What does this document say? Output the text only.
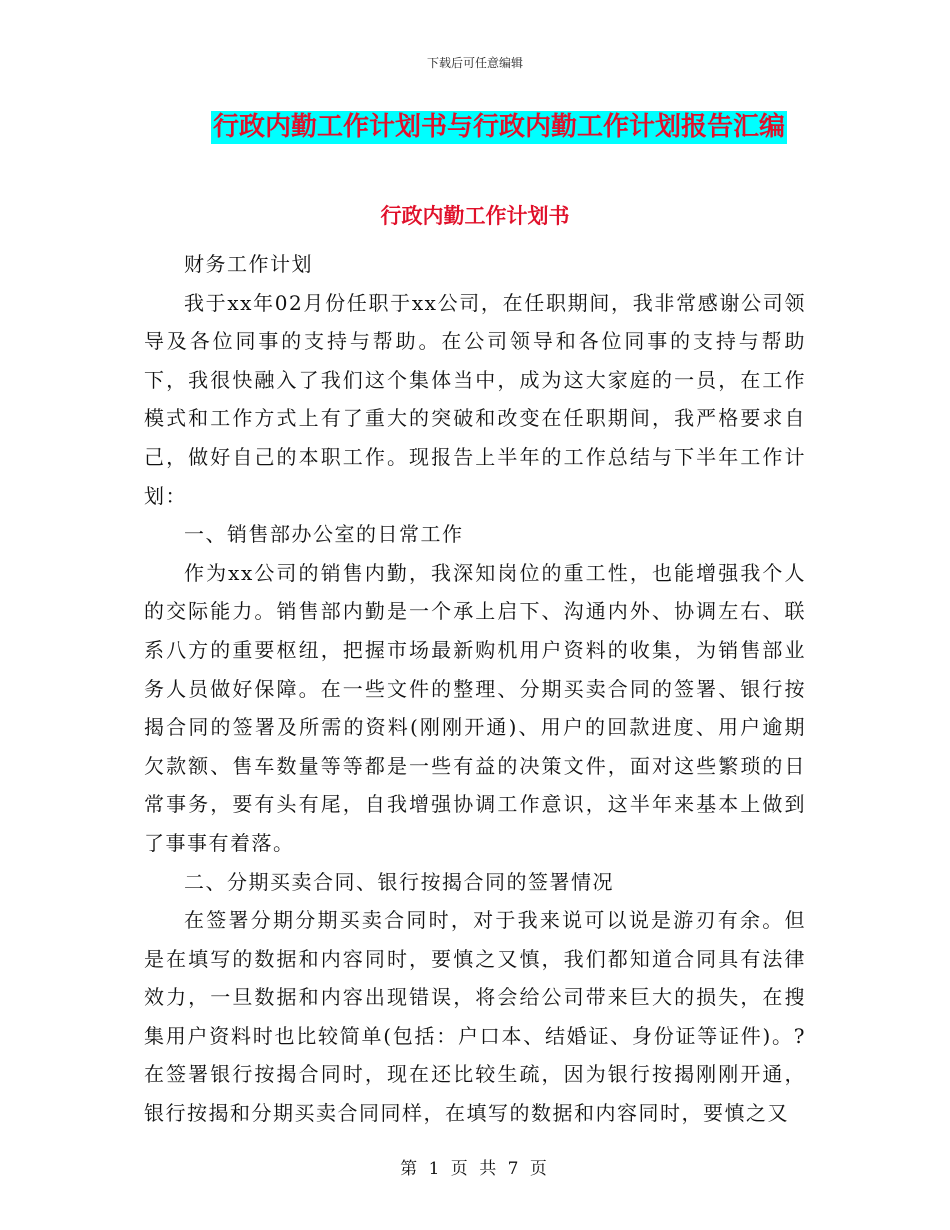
下载后可任意编辑
行政内勤工作计划书与行政内勤工作计划报告汇编
行政内勤工作计划书

财务工作计划

我于xx年02月份任职于xx公司，在任职期间，我非常感谢公司领导及各位同事的支持与帮助。在公司领导和各位同事的支持与帮助下，我很快融入了我们这个集体当中，成为这大家庭的一员，在工作模式和工作方式上有了重大的突破和改变在任职期间，我严格要求自己，做好自己的本职工作。现报告上半年的工作总结与下半年工作计划：

一、销售部办公室的日常工作

作为xx公司的销售内勤，我深知岗位的重工性，也能增强我个人的交际能力。销售部内勤是一个承上启下、沟通内外、协调左右、联系八方的重要枢纽，把握市场最新购机用户资料的收集，为销售部业务人员做好保障。在一些文件的整理、分期买卖合同的签署、银行按揭合同的签署及所需的资料(刚刚开通)、用户的回款进度、用户逾期欠款额、售车数量等等都是一些有益的决策文件，面对这些繁琐的日常事务，要有头有尾，自我增强协调工作意识，这半年来基本上做到了事事有着落。

二、分期买卖合同、银行按揭合同的签署情况

在签署分期分期买卖合同时，对于我来说可以说是游刃有余。但是在填写的数据和内容同时，要慎之又慎，我们都知道合同具有法律效力，一旦数据和内容出现错误，将会给公司带来巨大的损失，在搜集用户资料时也比较简单(包括：户口本、结婚证、身份证等证件)。?在签署银行按揭合同时，现在还比较生疏，因为银行按揭刚刚开通，银行按揭和分期买卖合同同样，在填写的数据和内容同时，要慎之又

第 1 页 共 7 页
